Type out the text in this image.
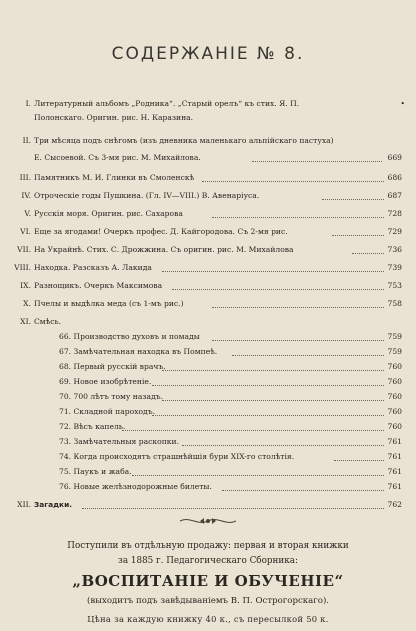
СОДЕРЖАНІЕ № 8.
I. Литературный альбомъ „Родника“. „Старый орелъ“ къ стих. Я. П.
Полонскаго. Оригин. рис. Н. Каразина.
•
II. Три мѣсяца подъ снѣгомъ (изъ дневника маленькаго альпійскаго пастуха)
Е. Сысоевой. Съ 3-мя рис. М. Михайлова.	669
III. Памятникъ М. И. Глинки въ Смоленскѣ	686
IV. Отроческіе годы Пушкина. (Гл. IV—VIII.) В. Авенаріуса.	687
V. Русскія моря. Оригин. рис. Сахарова	728
VI. Еще за ягодами! Очеркъ профес. Д. Кайгородова. Съ 2-мя рис.	729
VII. На Украйнѣ. Стих. С. Дрожжина. Съ оригин. рис. М. Михайлова	736
VIII. Находка. Разсказъ А. Лакида	739
IX. Разнощикъ. Очеркъ Максимова	753
X. Пчелы и выдѣлка меда (съ 1-мъ рис.)	758
XI. Смѣсь.
66. Производство духовъ и помады	759
67. Замѣчательная находка въ Помпеѣ.	759
68. Первый русскій врачъ.	760
69. Новое изобрѣтеніе.	760
70. 700 лѣтъ тому назадъ.	760
71. Складной пароходъ.	760
72. Вѣсъ капель.	760
73. Замѣчательныя раскопки.	761
74. Когда происходятъ страшнѣйшія бури XIX-го столѣтія.	761
75. Паукъ и жаба.	761
76. Новые желѣзнодорожные билеты.	761
XII. Загадки.	762
Поступили въ отдѣльную продажу: первая и вторая книжки
за 1885 г. Педагогическаго Сборника:
„ВОСПИТАНІЕ И ОБУЧЕНІЕ“
(выходитъ подъ завѣдываніемъ В. П. Острогорскаго).
Цѣна за каждую книжку 40 к., съ пересылкой 50 к.
